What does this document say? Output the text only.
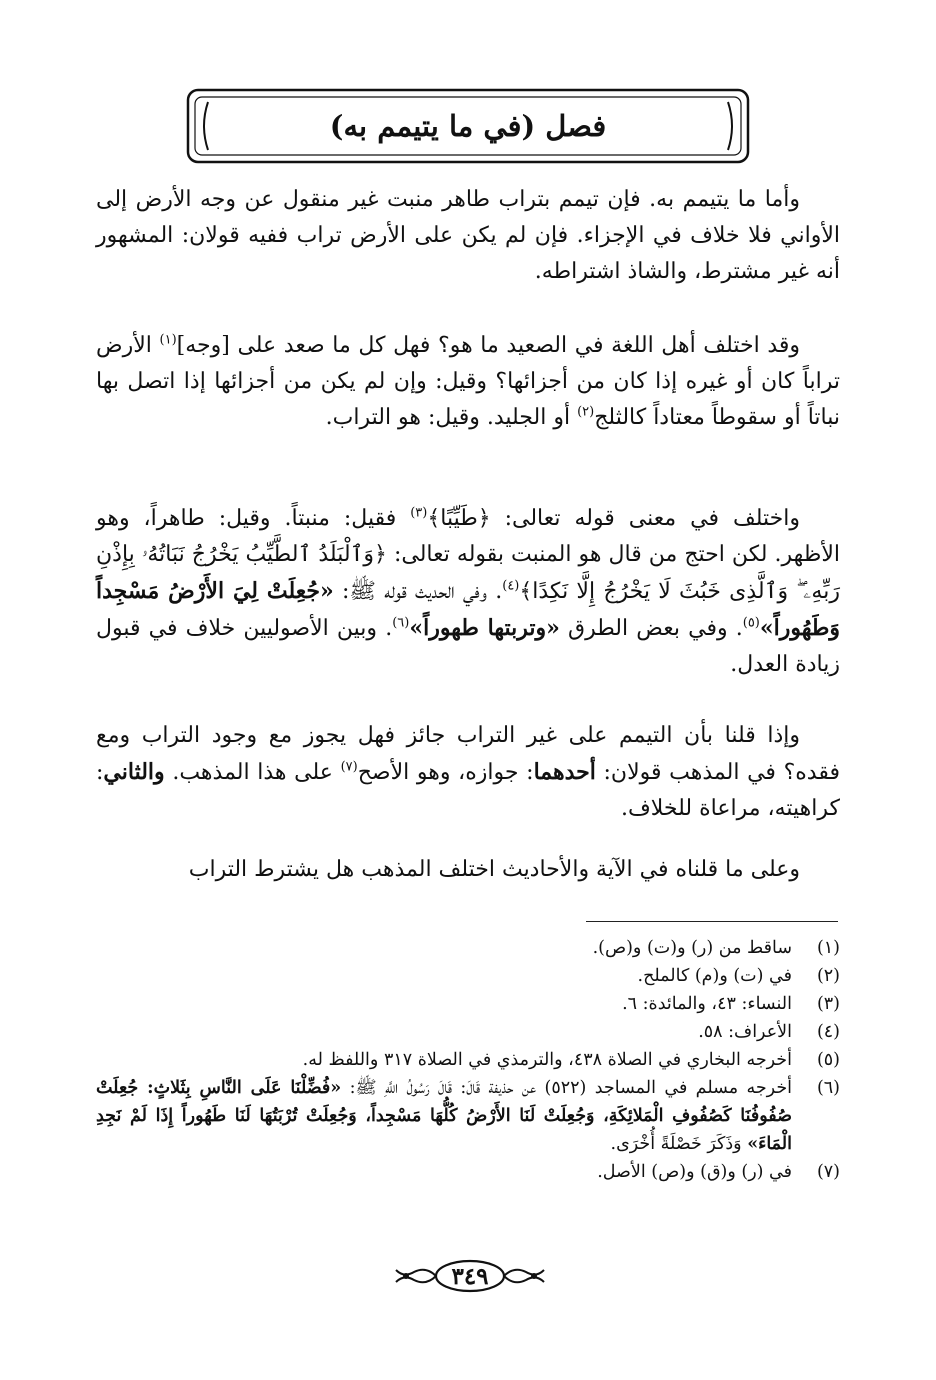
فصل (في ما يتيمم به)

وأما ما يتيمم به. فإن تيمم بتراب طاهر منبت غير منقول عن وجه الأرض إلى الأواني فلا خلاف في الإجزاء. فإن لم يكن على الأرض تراب ففيه قولان: المشهور أنه غير مشترط، والشاذ اشتراطه.

وقد اختلف أهل اللغة في الصعيد ما هو؟ فهل كل ما صعد على [وجه]$^{(١)}$ الأرض تراباً كان أو غيره إذا كان من أجزائها؟ وقيل: وإن لم يكن من أجزائها إذا اتصل بها نباتاً أو سقوطاً معتاداً كالثلج$^{(٢)}$ أو الجليد. وقيل: هو التراب.

واختلف في معنى قوله تعالى: ﴿طَيِّبًا﴾$^{(٣)}$ فقيل: منبتاً. وقيل: طاهراً، وهو الأظهر. لكن احتج من قال هو المنبت بقوله تعالى: ﴿وَٱلْبَلَدُ ٱلطَّيِّبُ يَخْرُجُ نَبَاتُهُۥ بِإِذْنِ رَبِّهِۦ ۖ وَٱلَّذِى خَبُثَ لَا يَخْرُجُ إِلَّا نَكِدًا﴾$^{(٤)}$. وفي الحديث قوله ﷺ: «جُعِلَتْ لِيَ الأَرْضُ مَسْجِداً وَطَهُوراً»$^{(٥)}$. وفي بعض الطرق «وتربتها طهوراً»$^{(٦)}$. وبين الأصوليين خلاف في قبول زيادة العدل.

وإذا قلنا بأن التيمم على غير التراب جائز فهل يجوز مع وجود التراب ومع فقده؟ في المذهب قولان: أحدهما: جوازه، وهو الأصح$^{(٧)}$ على هذا المذهب. والثاني: كراهيته، مراعاة للخلاف.

وعلى ما قلناه في الآية والأحاديث اختلف المذهب هل يشترط التراب

(١)
ساقط من (ر) و(ت) و(ص).
(٢)
في (ت) و(م) كالملح.
(٣)
النساء: ٤٣، والمائدة: ٦.
(٤)
الأعراف: ٥٨.
(٥)
أخرجه البخاري في الصلاة ٤٣٨، والترمذي في الصلاة ٣١٧ واللفظ له.
(٦)
أخرجه مسلم في المساجد (٥٢٢) عن حذيفة قَالَ: قَالَ رَسُولُ اللَّهِ ﷺ: «فُضِّلْنَا عَلَى النَّاسِ بِثَلاثٍ: جُعِلَتْ صُفُوفُنَا كَصُفُوفِ الْمَلائِكَةِ، وَجُعِلَتْ لَنَا الأَرْضُ كُلُّهَا مَسْجِداً، وَجُعِلَتْ تُرْبَتُهَا لَنَا طَهُوراً إِذَا لَمْ نَجِدِ الْمَاءَ» وَذَكَرَ خَصْلَةً أُخْرَى.
(٧)
في (ر) و(ق) و(ص) الأصل.
٣٤٩
